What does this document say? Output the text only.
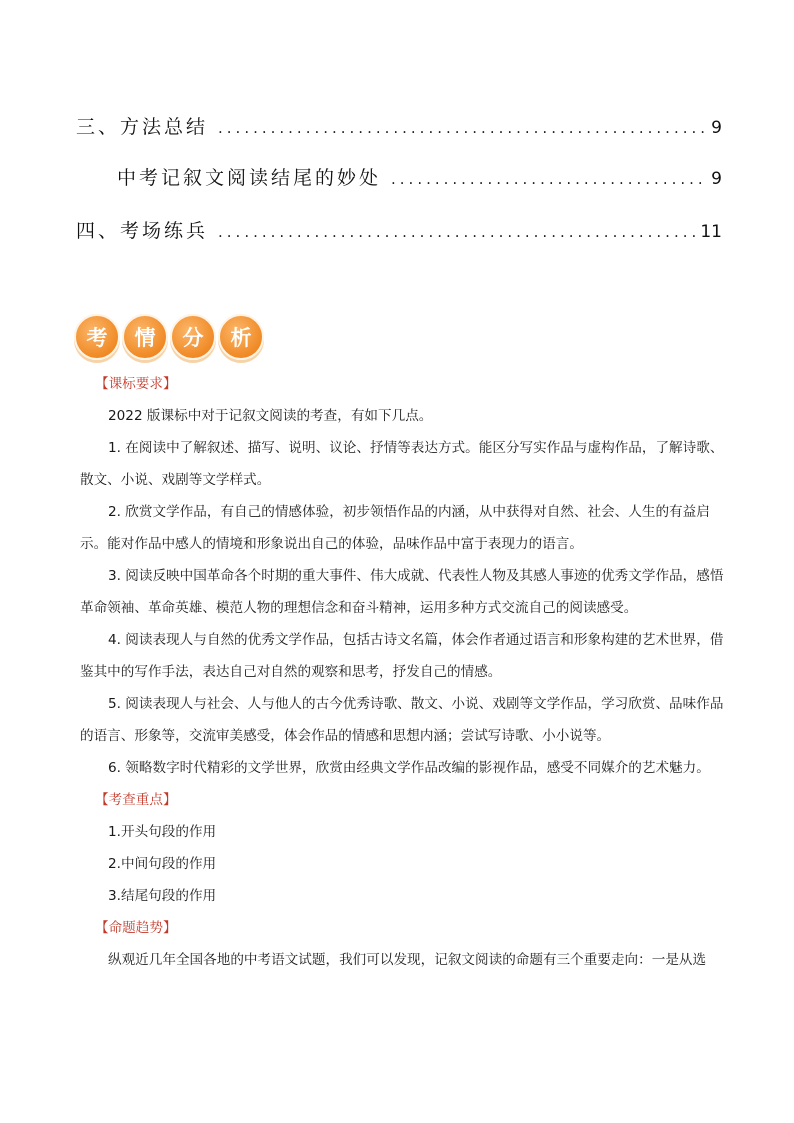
三、方法总结 .....	9
中考记叙文阅读结尾的妙处 .....	9
四、考场练兵 .....	11
考	情	分	析
【课标要求】

2022 版课标中对于记叙文阅读的考查，有如下几点。

1. 在阅读中了解叙述、描写、说明、议论、抒情等表达方式。能区分写实作品与虚构作品，了解诗歌、散文、小说、戏剧等文学样式。

2. 欣赏文学作品，有自己的情感体验，初步领悟作品的内涵，从中获得对自然、社会、人生的有益启示。能对作品中感人的情境和形象说出自己的体验，品味作品中富于表现力的语言。

3. 阅读反映中国革命各个时期的重大事件、伟大成就、代表性人物及其感人事迹的优秀文学作品，感悟革命领袖、革命英雄、模范人物的理想信念和奋斗精神，运用多种方式交流自己的阅读感受。

4. 阅读表现人与自然的优秀文学作品，包括古诗文名篇，体会作者通过语言和形象构建的艺术世界，借鉴其中的写作手法，表达自己对自然的观察和思考，抒发自己的情感。

5. 阅读表现人与社会、人与他人的古今优秀诗歌、散文、小说、戏剧等文学作品，学习欣赏、品味作品的语言、形象等，交流审美感受，体会作品的情感和思想内涵；尝试写诗歌、小小说等。

6. 领略数字时代精彩的文学世界，欣赏由经典文学作品改编的影视作品，感受不同媒介的艺术魅力。

【考查重点】

1.开头句段的作用

2.中间句段的作用

3.结尾句段的作用

【命题趋势】

纵观近几年全国各地的中考语文试题，我们可以发现，记叙文阅读的命题有三个重要走向：一是从选
